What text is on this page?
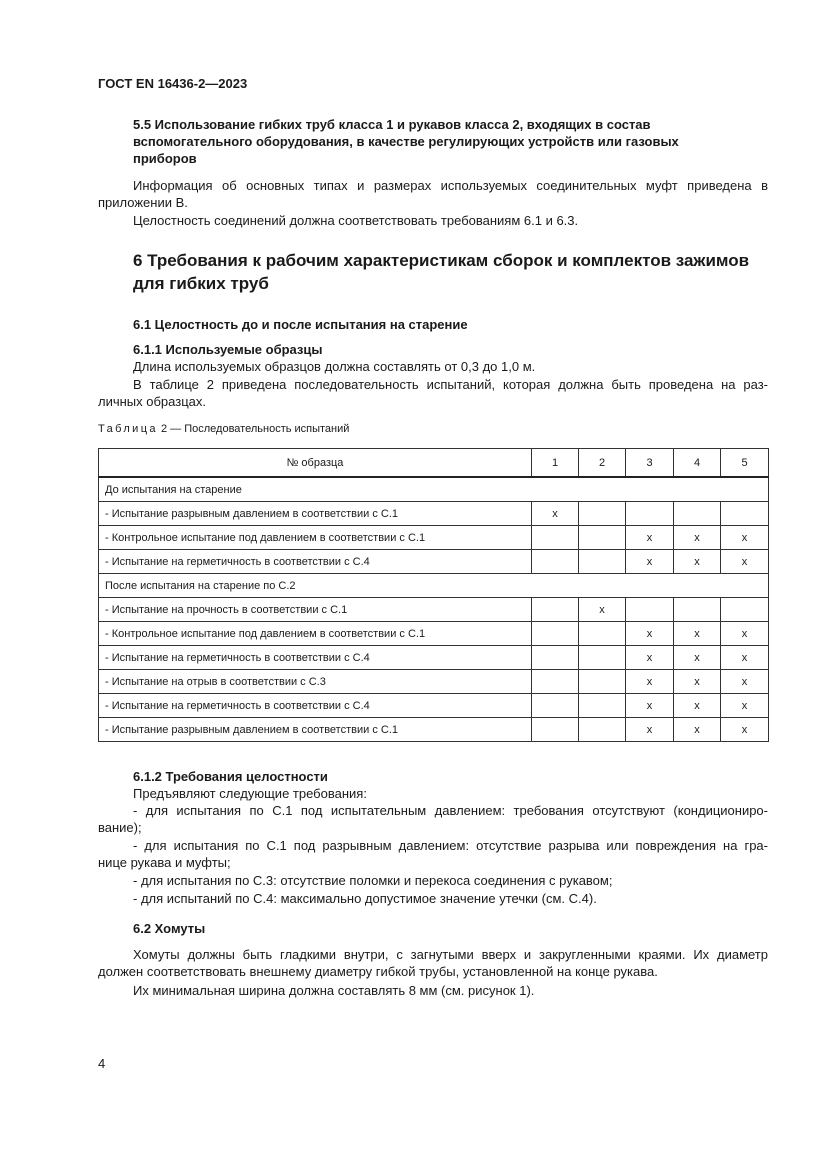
ГОСТ EN 16436-2—2023
5.5 Использование гибких труб класса 1 и рукавов класса 2, входящих в состав
вспомогательного оборудования, в качестве регулирующих устройств или газовых
приборов
Информация об основных типах и размерах используемых соединительных муфт приведена в
приложении В.
Целостность соединений должна соответствовать требованиям 6.1 и 6.3.
6 Требования к рабочим характеристикам сборок и комплектов зажимов
для гибких труб
6.1 Целостность до и после испытания на старение
6.1.1 Используемые образцы
Длина используемых образцов должна составлять от 0,3 до 1,0 м.
В таблице 2 приведена последовательность испытаний, которая должна быть проведена на раз-
личных образцах.
Таблица 2 — Последовательность испытаний
№ образца	1	2	3	4	5
До испытания на старение					
- Испытание разрывным давлением в соответствии с С.1	х				
- Контрольное испытание под давлением в соответствии с С.1			х	х	х
- Испытание на герметичность в соответствии с С.4			х	х	х
После испытания на старение по С.2					
- Испытание на прочность в соответствии с С.1		х			
- Контрольное испытание под давлением в соответствии с С.1			х	х	х
- Испытание на герметичность в соответствии с С.4			х	х	х
- Испытание на отрыв в соответствии с С.3			х	х	х
- Испытание на герметичность в соответствии с С.4			х	х	х
- Испытание разрывным давлением в соответствии с С.1			х	х	х
6.1.2 Требования целостности
Предъявляют следующие требования:
- для испытания по С.1 под испытательным давлением: требования отсутствуют (кондициониро-
вание);
- для испытания по С.1 под разрывным давлением: отсутствие разрыва или повреждения на гра-
нице рукава и муфты;
- для испытания по С.3: отсутствие поломки и перекоса соединения с рукавом;
- для испытаний по С.4: максимально допустимое значение утечки (см. С.4).
6.2 Хомуты
Хомуты должны быть гладкими внутри, с загнутыми вверх и закругленными краями. Их диаметр
должен соответствовать внешнему диаметру гибкой трубы, установленной на конце рукава.
Их минимальная ширина должна составлять 8 мм (см. рисунок 1).
4
